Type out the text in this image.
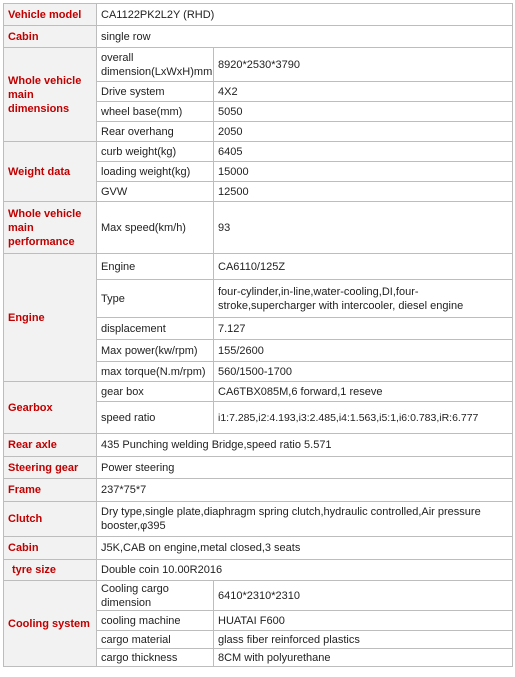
Vehicle model	CA1122PK2L2Y (RHD)	
Cabin	single row	
Whole vehicle main dimensions	overall dimension(LxWxH)mm	8920*2530*3790
	Drive system	4X2
	wheel base(mm)	5050
	Rear overhang	2050
Weight data	curb weight(kg)	6405
	loading weight(kg)	15000
	GVW	12500
Whole vehicle main performance	Max speed(km/h)	93
Engine	Engine	CA6110/125Z
	Type	four-cylinder,in-line,water-cooling,DI,four-stroke,supercharger with intercooler, diesel engine
	displacement	7.127
	Max power(kw/rpm)	155/2600
	max torque(N.m/rpm)	560/1500-1700
Gearbox	gear box	CA6TBX085M,6 forward,1 reseve
	speed ratio	i1:7.285,i2:4.193,i3:2.485,i4:1.563,i5:1,i6:0.783,iR:6.777
Rear axle	435 Punching welding Bridge,speed ratio 5.571	
Steering gear	Power steering	
Frame	237*75*7	
Clutch	Dry type,single plate,diaphragm spring clutch,hydraulic controlled,Air pressure booster,φ395	
Cabin	J5K,CAB on engine,metal closed,3 seats	
tyre size	Double coin 10.00R2016	
Cooling system	Cooling cargo dimension	6410*2310*2310
	cooling machine	HUATAI F600
	cargo material	glass fiber reinforced plastics
	cargo thickness	8CM with polyurethane
